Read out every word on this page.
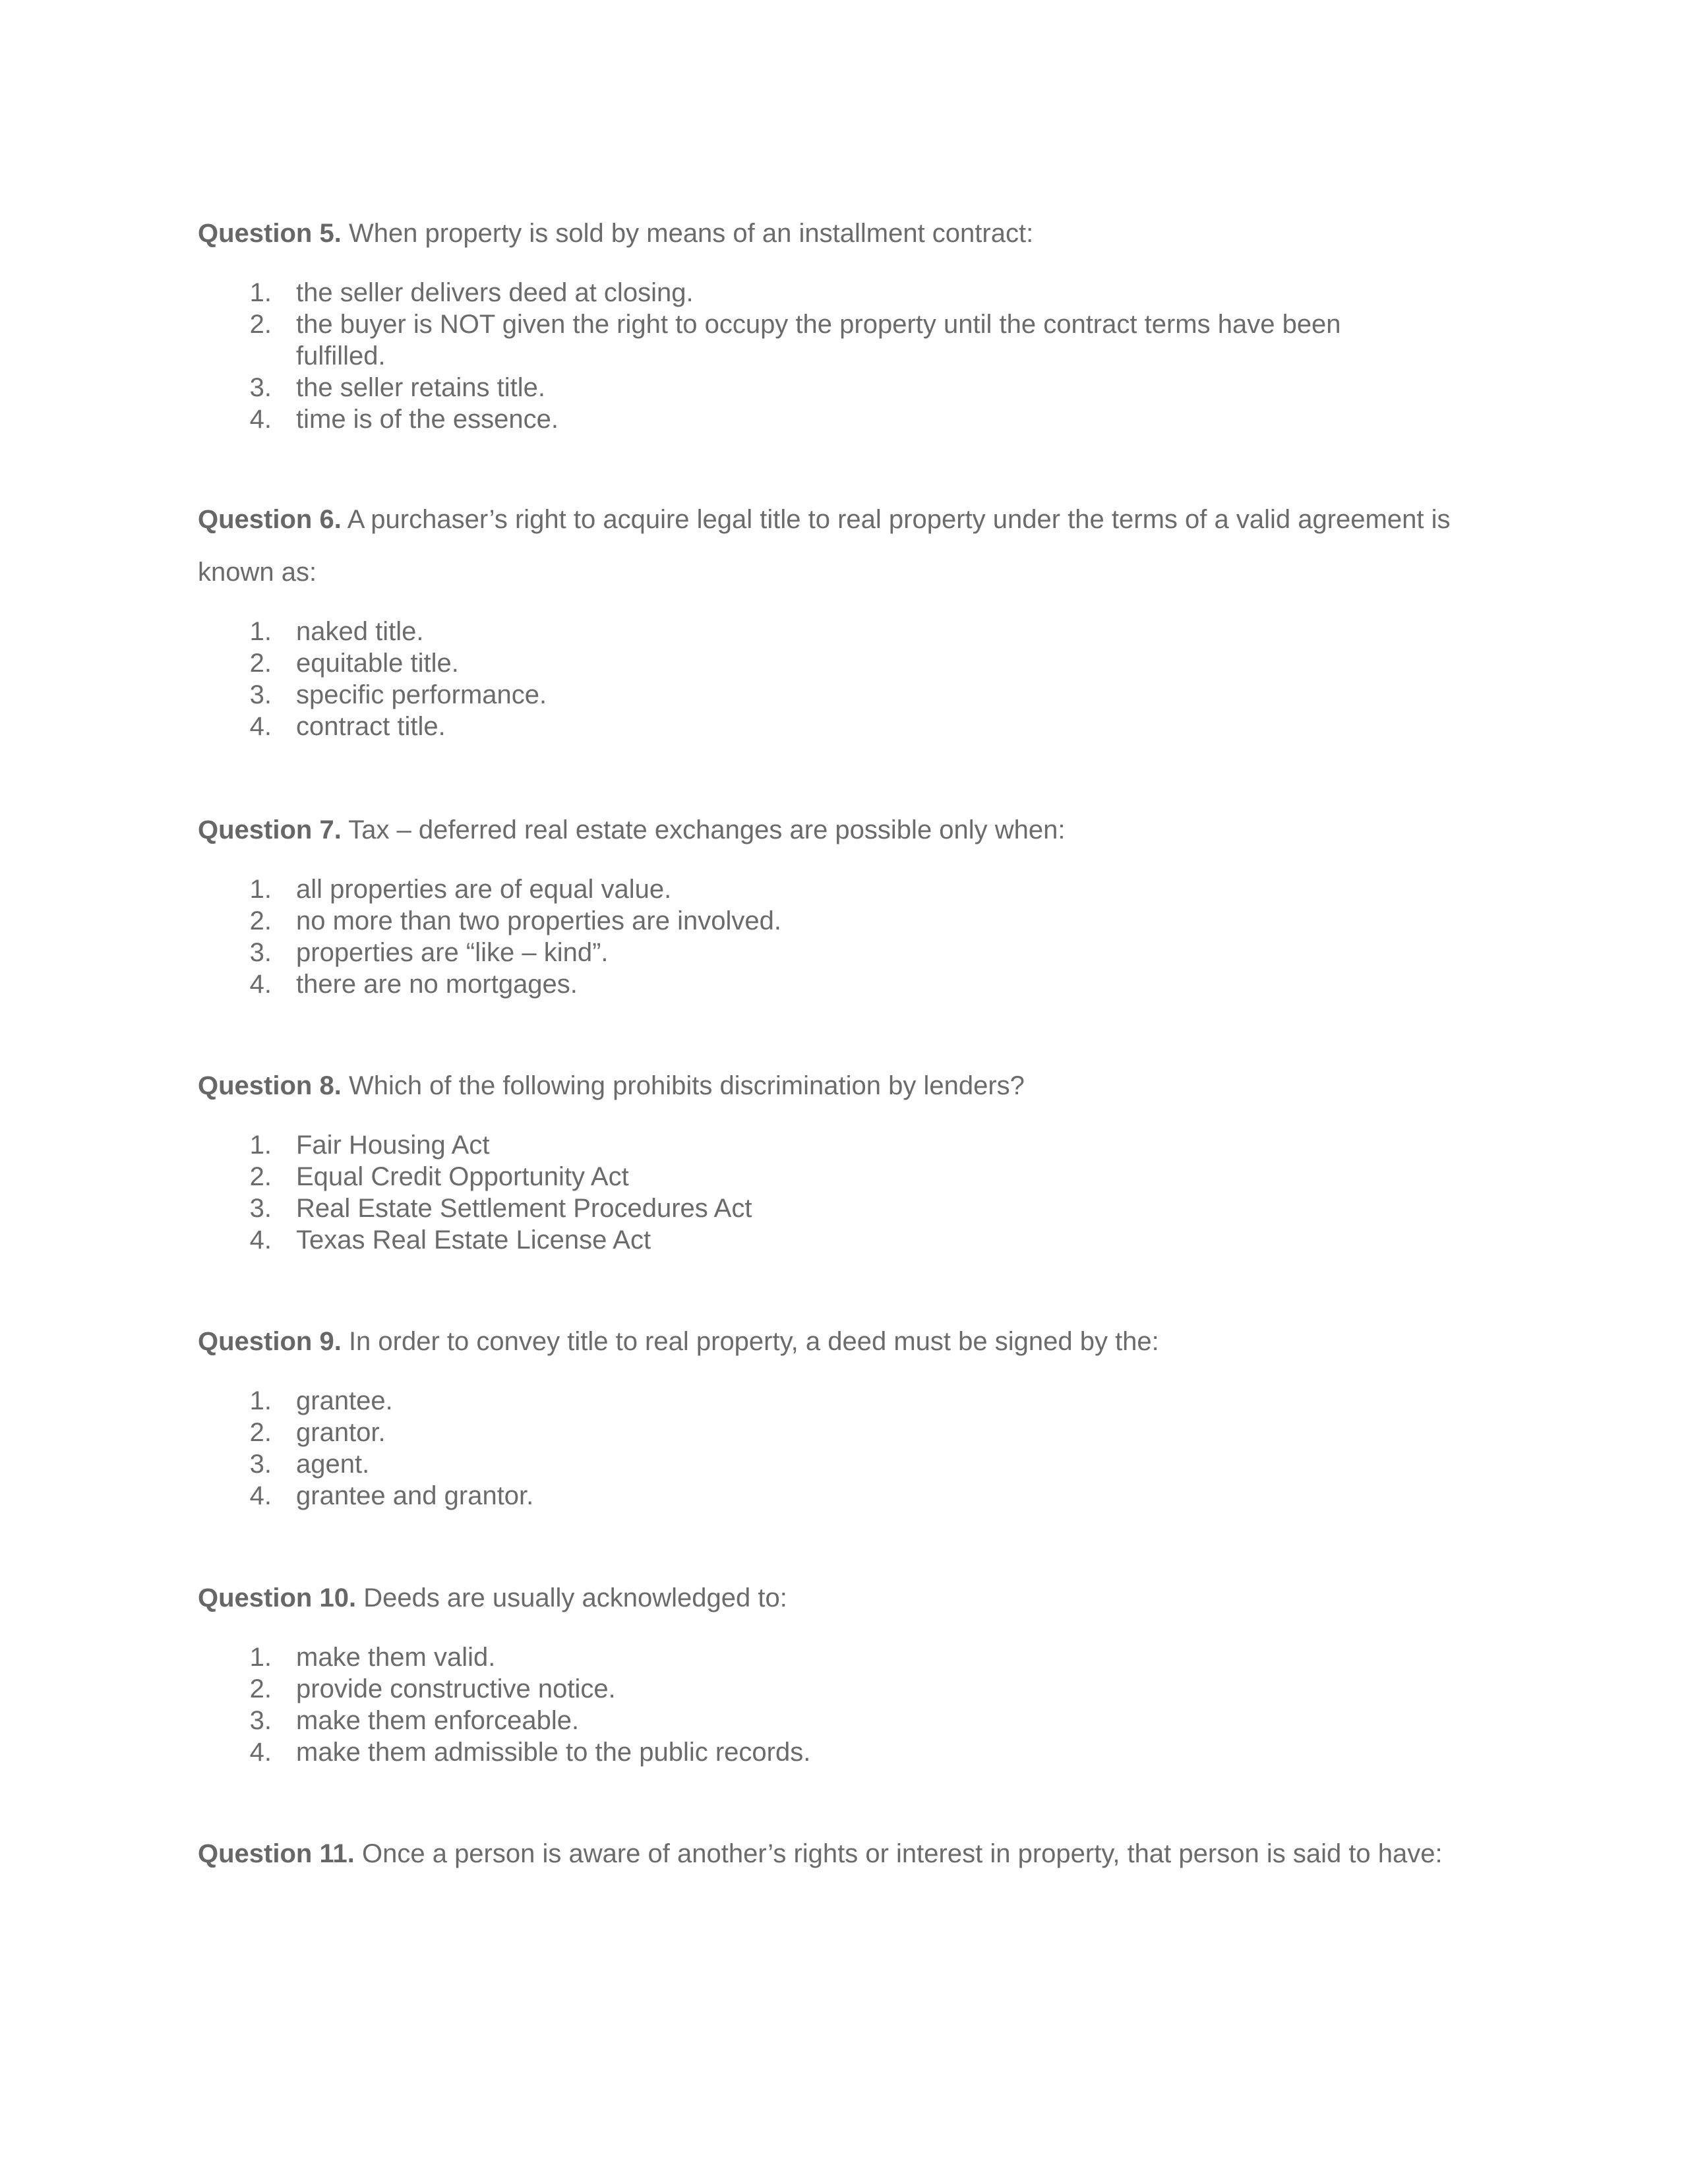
Question 5. When property is sold by means of an installment contract:

1. the seller delivers deed at closing.
2. the buyer is NOT given the right to occupy the property until the contract terms have been fulfilled.
3. the seller retains title.
4. time is of the essence.

Question 6. A purchaser’s right to acquire legal title to real property under the terms of a valid agreement is known as:

1. naked title.
2. equitable title.
3. specific performance.
4. contract title.

Question 7. Tax – deferred real estate exchanges are possible only when:

1. all properties are of equal value.
2. no more than two properties are involved.
3. properties are “like – kind”.
4. there are no mortgages.

Question 8. Which of the following prohibits discrimination by lenders?

1. Fair Housing Act
2. Equal Credit Opportunity Act
3. Real Estate Settlement Procedures Act
4. Texas Real Estate License Act

Question 9. In order to convey title to real property, a deed must be signed by the:

1. grantee.
2. grantor.
3. agent.
4. grantee and grantor.

Question 10. Deeds are usually acknowledged to:

1. make them valid.
2. provide constructive notice.
3. make them enforceable.
4. make them admissible to the public records.

Question 11. Once a person is aware of another’s rights or interest in property, that person is said to have:
